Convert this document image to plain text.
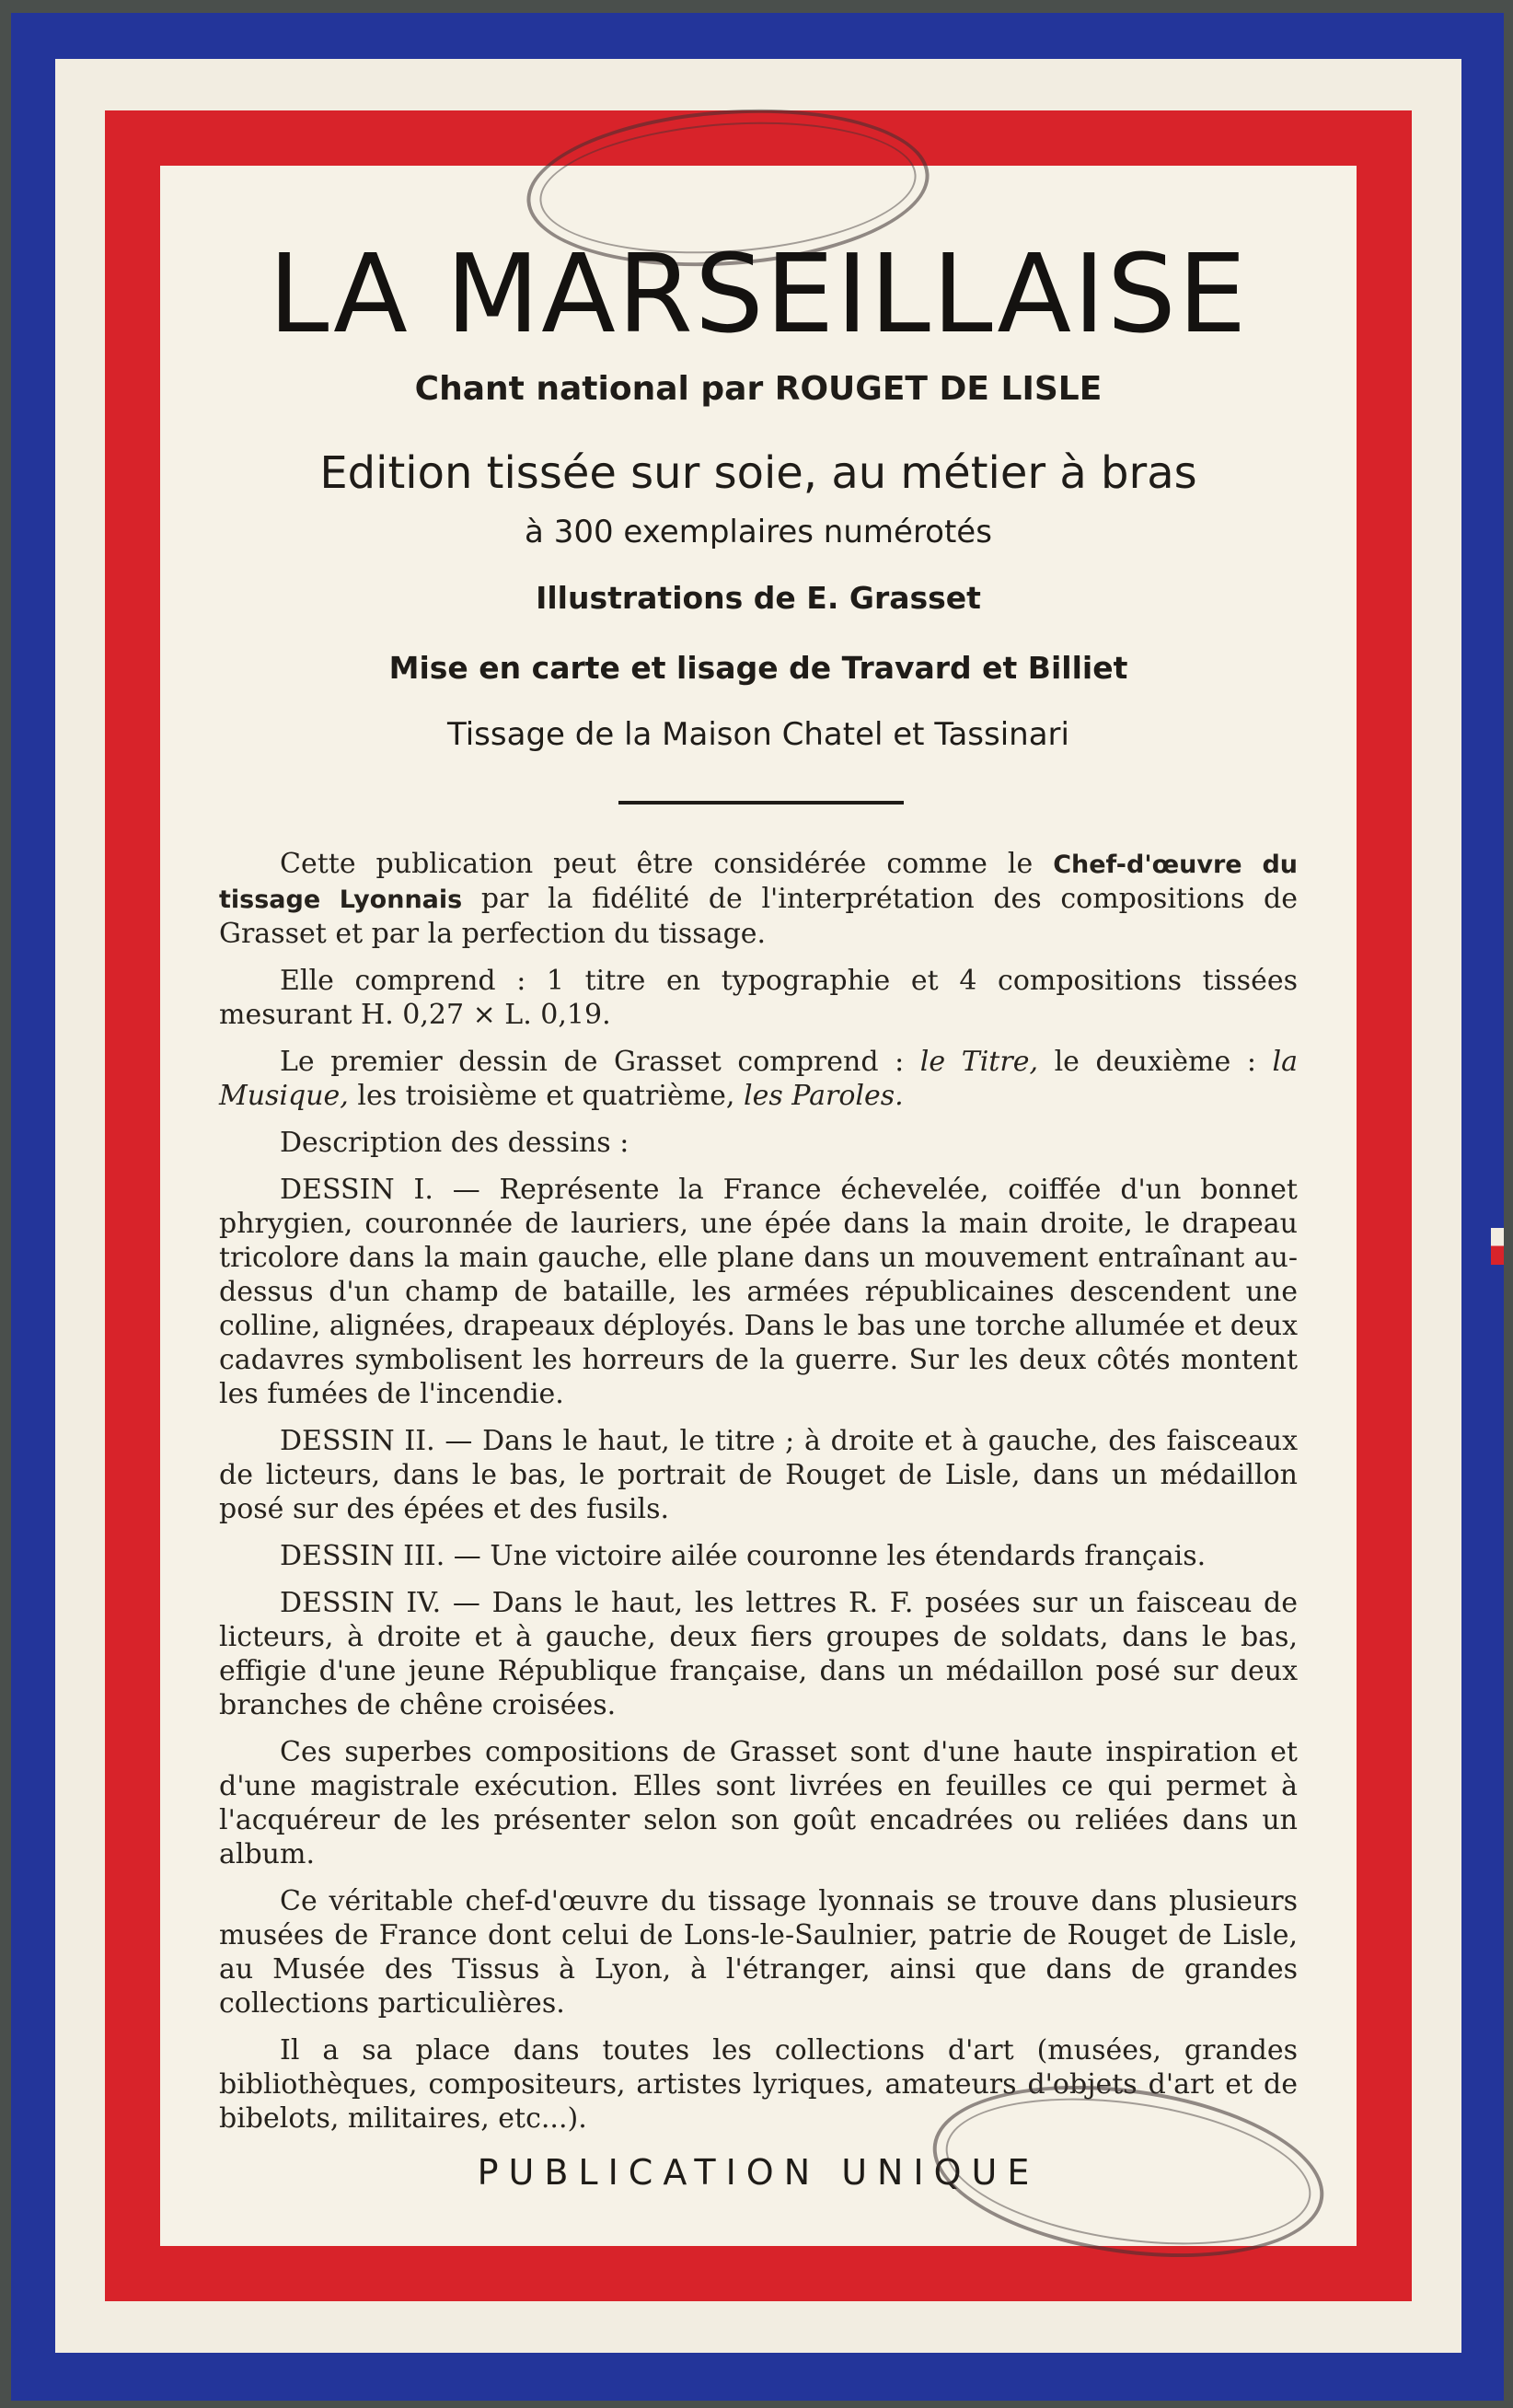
LA MARSEILLAISE
Chant national par ROUGET DE LISLE
Edition tissée sur soie, au métier à bras
à 300 exemplaires numérotés
Illustrations de E. Grasset
Mise en carte et lisage de Travard et Billiet
Tissage de la Maison Chatel et Tassinari

Cette publication peut être considérée comme le Chef-d'œuvre du tissage Lyonnais par la fidélité de l'interprétation des compositions de Grasset et par la perfection du tissage.

Elle comprend : 1 titre en typographie et 4 compositions tissées mesurant H. 0,27 × L. 0,19.

Le premier dessin de Grasset comprend : le Titre, le deuxième : la Musique, les troisième et quatrième, les Paroles.

Description des dessins :

DESSIN I. — Représente la France échevelée, coiffée d'un bonnet phrygien, couronnée de lauriers, une épée dans la main droite, le drapeau tricolore dans la main gauche, elle plane dans un mouvement entraînant au-dessus d'un champ de bataille, les armées républicaines descendent une colline, alignées, drapeaux déployés. Dans le bas une torche allumée et deux cadavres symbolisent les horreurs de la guerre. Sur les deux côtés montent les fumées de l'incendie.

DESSIN II. — Dans le haut, le titre ; à droite et à gauche, des faisceaux de licteurs, dans le bas, le portrait de Rouget de Lisle, dans un médaillon posé sur des épées et des fusils.

DESSIN III. — Une victoire ailée couronne les étendards français.

DESSIN IV. — Dans le haut, les lettres R. F. posées sur un faisceau de licteurs, à droite et à gauche, deux fiers groupes de soldats, dans le bas, effigie d'une jeune République française, dans un médaillon posé sur deux branches de chêne croisées.

Ces superbes compositions de Grasset sont d'une haute inspiration et d'une magistrale exécution. Elles sont livrées en feuilles ce qui permet à l'acquéreur de les présenter selon son goût encadrées ou reliées dans un album.

Ce véritable chef-d'œuvre du tissage lyonnais se trouve dans plusieurs musées de France dont celui de Lons-le-Saulnier, patrie de Rouget de Lisle, au Musée des Tissus à Lyon, à l'étranger, ainsi que dans de grandes collections particulières.

Il a sa place dans toutes les collections d'art (musées, grandes bibliothèques, compositeurs, artistes lyriques, amateurs d'objets d'art et de bibelots, militaires, etc...).

PUBLICATION UNIQUE
